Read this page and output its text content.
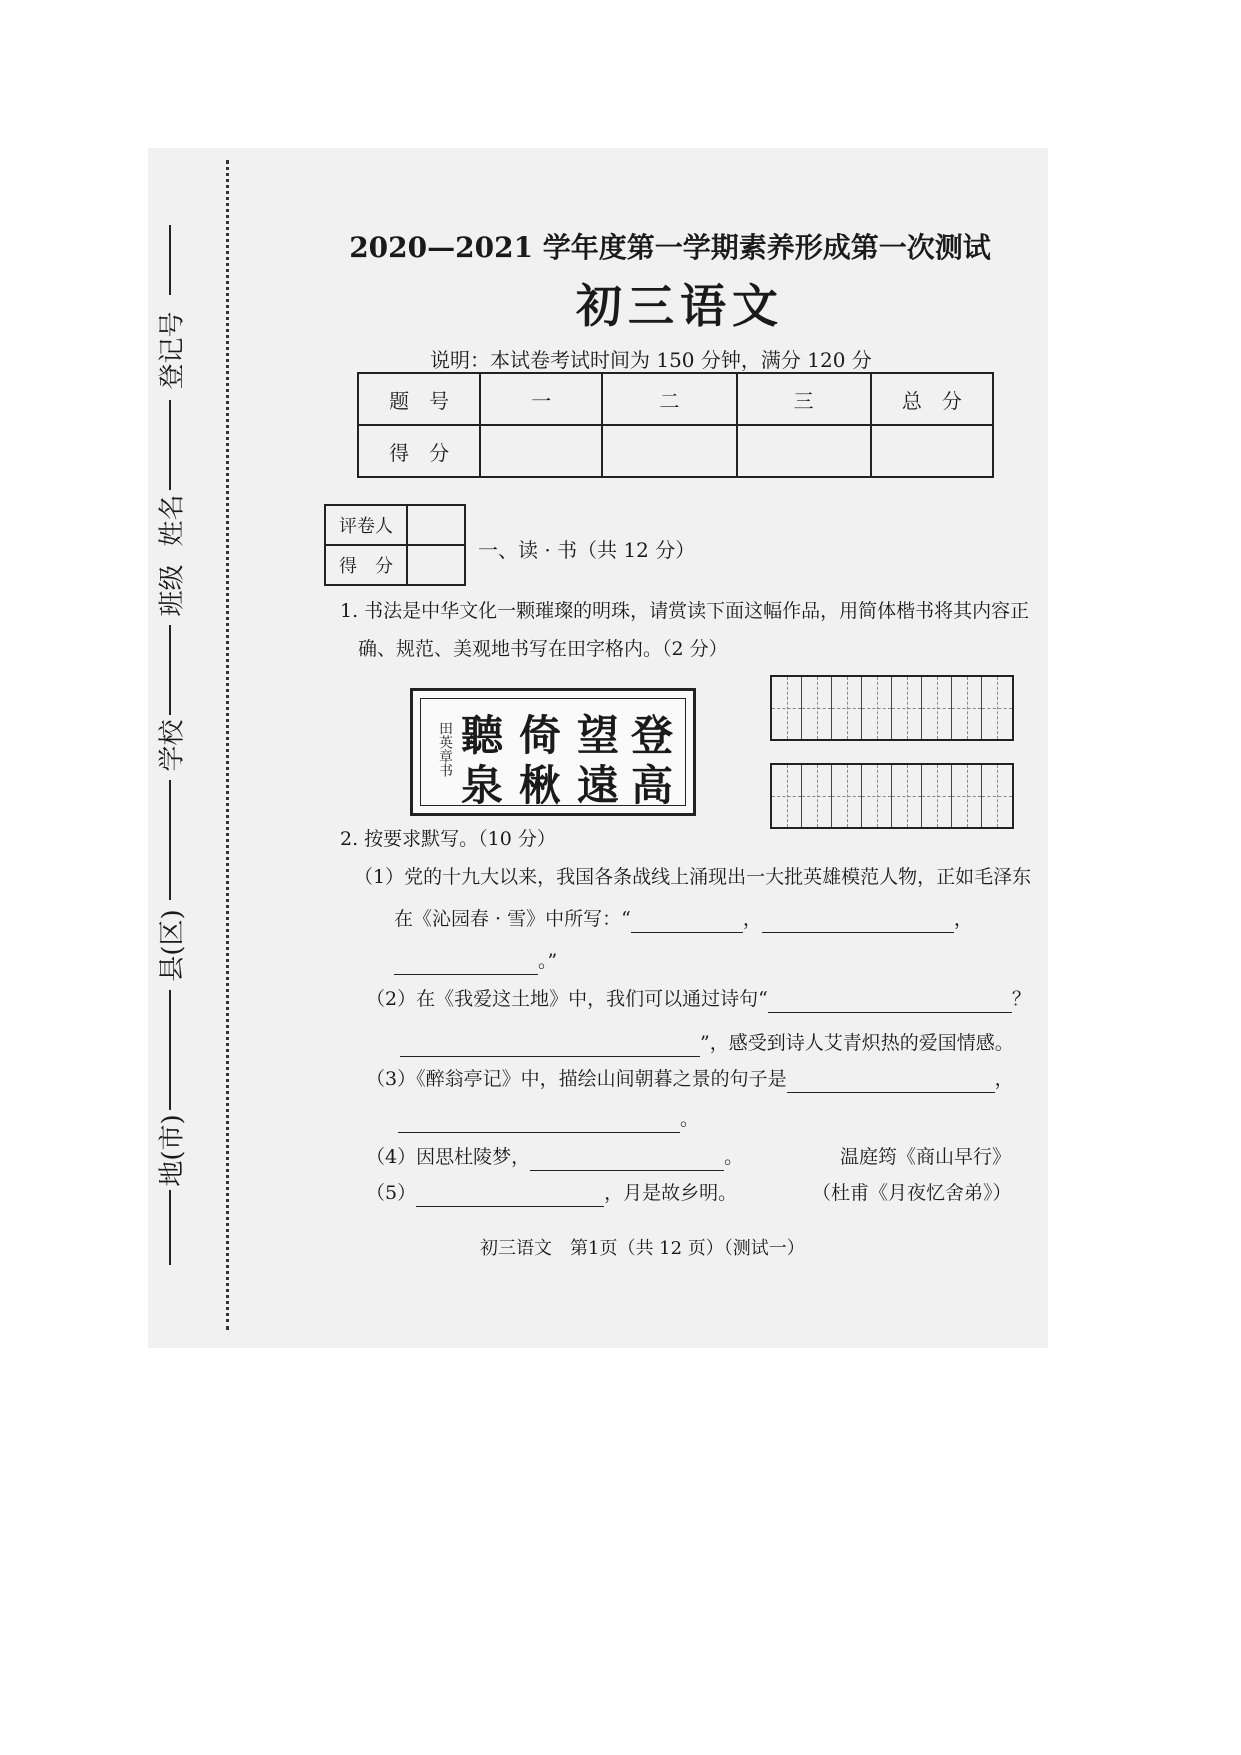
登记号
姓名
班级
学校
县(区)
地(市)
2020—2021 学年度第一学期素养形成第一次测试
初三语文
说明：本试卷考试时间为 150 分钟，满分 120 分
题　号	一	二	三	总　分
得　分				
评卷人	
得　分	
一、读 · 书（共 12 分）
1. 书法是中华文化一颗璀璨的明珠，请赏读下面这幅作品，用简体楷书将其内容正
确、规范、美观地书写在田字格内。（2 分）
田英章书 聽 倚 望 登
泉 楸 遠 高
2. 按要求默写。（10 分）
（1）党的十九大以来，我国各条战线上涌现出一大批英雄模范人物，正如毛泽东
在《沁园春 · 雪》中所写：“	，	，
。”
（2）在《我爱这土地》中，我们可以通过诗句“	？
”，感受到诗人艾青炽热的爱国情感。
（3）《醉翁亭记》中，描绘山间朝暮之景的句子是	，
。
（4）因思杜陵梦，	。	温庭筠《商山早行》
（5）	，月是故乡明。	（杜甫《月夜忆舍弟》）
初三语文　第1页（共 12 页）（测试一）
